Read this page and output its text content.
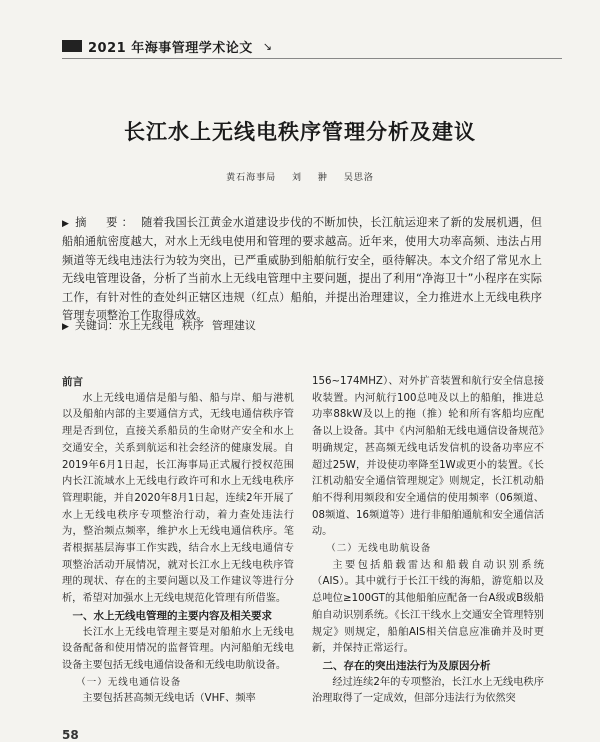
2021 年海事管理学术论文 ↘
长江水上无线电秩序管理分析及建议
黄石海事局 刘 翀 吴思洛
▶ 摘　要： 随着我国长江黄金水道建设步伐的不断加快，长江航运迎来了新的发展机遇，但船舶通航密度越大，对水上无线电使用和管理的要求越高。近年来，使用大功率高频、违法占用频道等无线电违法行为较为突出，已严重威胁到船舶航行安全，亟待解决。本文介绍了常见水上无线电管理设备，分析了当前水上无线电管理中主要问题，提出了利用“净海卫十”小程序在实际工作，有针对性的查处纠正辖区违规（红点）船舶，并提出治理建议，全力推进水上无线电秩序管理专项整治工作取得成效。
▶ 关键词：水上无线电 秩序 管理建议
前言

水上无线电通信是船与船、船与岸、船与港机以及船舶内部的主要通信方式，无线电通信秩序管理是否到位，直接关系船员的生命财产安全和水上交通安全，关系到航运和社会经济的健康发展。自2019年6月1日起，长江海事局正式履行授权范围内长江流域水上无线电行政许可和水上无线电秩序管理职能，并自2020年8月1日起，连续2年开展了水上无线电秩序专项整治行动，着力查处违法行为，整治频点频率，维护水上无线电通信秩序。笔者根据基层海事工作实践，结合水上无线电通信专项整治活动开展情况，就对长江水上无线电秩序管理的现状、存在的主要问题以及工作建议等进行分析，希望对加强水上无线电规范化管理有所借鉴。

一、水上无线电管理的主要内容及相关要求

长江水上无线电管理主要是对船舶水上无线电设备配备和使用情况的监督管理。内河船舶无线电设备主要包括无线电通信设备和无线电助航设备。

（一）无线电通信设备

主要包括甚高频无线电话（VHF、频率

156~174MHZ）、对外扩音装置和航行安全信息接收装置。内河航行100总吨及以上的船舶，推进总功率88kW及以上的拖（推）轮和所有客船均应配备以上设备。其中《内河船舶无线电通信设备规范》明确规定，甚高频无线电话发信机的设备功率应不超过25W，并设使功率降至1W或更小的装置。《长江机动船安全通信管理规定》则规定，长江机动船舶不得利用频段和安全通信的使用频率（06频道、08频道、16频道等）进行非船舶通航和安全通信活动。

（二）无线电助航设备

主要包括船载雷达和船载自动识别系统（AIS）。其中就行于长江干线的海船，游览船以及总吨位≥100GT的其他船舶应配备一台A级或B级船舶自动识别系统。《长江干线水上交通安全管理特别规定》则规定，船舶AIS相关信息应准确并及时更新，并保持正常运行。

二、存在的突出违法行为及原因分析

经过连续2年的专项整治，长江水上无线电秩序治理取得了一定成效，但部分违法行为依然突

58
